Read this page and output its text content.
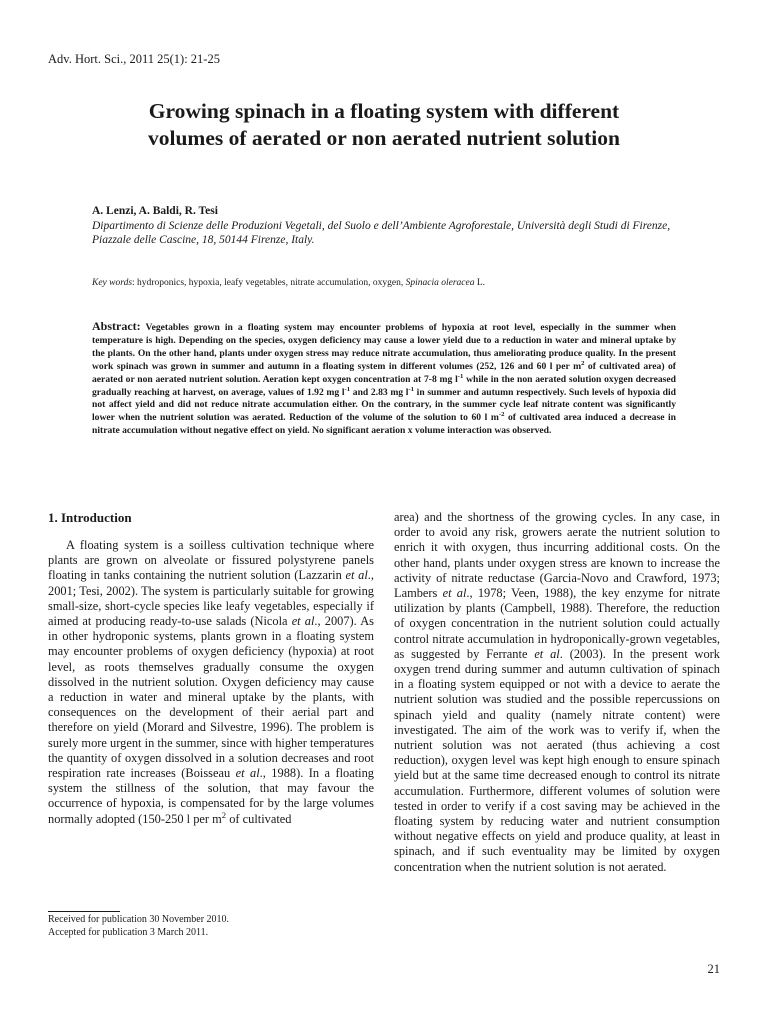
Adv. Hort. Sci., 2011 25(1): 21-25
Growing spinach in a floating system with different
volumes of aerated or non aerated nutrient solution
A. Lenzi, A. Baldi, R. Tesi
Dipartimento di Scienze delle Produzioni Vegetali, del Suolo e dell’Ambiente Agroforestale, Università degli Studi di Firenze, Piazzale delle Cascine, 18, 50144 Firenze, Italy.
Key words: hydroponics, hypoxia, leafy vegetables, nitrate accumulation, oxygen, Spinacia oleracea L.

Abstract: Vegetables grown in a floating system may encounter problems of hypoxia at root level, especially in the summer when temperature is high. Depending on the species, oxygen deficiency may cause a lower yield due to a reduction in water and mineral uptake by the plants. On the other hand, plants under oxygen stress may reduce nitrate accumulation, thus ameliorating produce quality. In the present work spinach was grown in summer and autumn in a floating system in different volumes (252, 126 and 60 l per $m^2$ of cultivated area) of aerated or non aerated nutrient solution. Aeration kept oxygen concentration at 7-8 mg $l^{-1}$ while in the non aerated solution oxygen decreased gradually reaching at harvest, on average, values of 1.92 mg $l^{-1}$ and 2.83 mg $l^{-1}$ in summer and autumn respectively. Such levels of hypoxia did not affect yield and did not reduce nitrate accumulation either. On the contrary, in the summer cycle leaf nitrate content was significantly lower when the nutrient solution was aerated. Reduction of the volume of the solution to 60 l $m^{-2}$ of cultivated area induced a decrease in nitrate accumulation without negative effect on yield. No significant aeration x volume interaction was observed.

1. Introduction

A floating system is a soilless cultivation technique where plants are grown on alveolate or fissured polystyrene panels floating in tanks containing the nutrient solution (Lazzarin et al., 2001; Tesi, 2002). The system is particularly suitable for growing small-size, short-cycle species like leafy vegetables, especially if aimed at producing ready-to-use salads (Nicola et al., 2007). As in other hydroponic systems, plants grown in a floating system may encounter problems of oxygen deficiency (hypoxia) at root level, as roots themselves gradually consume the oxygen dissolved in the nutrient solution. Oxygen deficiency may cause a reduction in water and mineral uptake by the plants, with consequences on the development of their aerial part and therefore on yield (Morard and Silvestre, 1996). The problem is surely more urgent in the summer, since with higher temperatures the quantity of oxygen dissolved in a solution decreases and root respiration rate increases (Boisseau et al., 1988). In a floating system the stillness of the solution, that may favour the occurrence of hypoxia, is compensated for by the large volumes normally adopted (150-250 l per $m^2$ of cultivated

area) and the shortness of the growing cycles. In any case, in order to avoid any risk, growers aerate the nutrient solution to enrich it with oxygen, thus incurring additional costs. On the other hand, plants under oxygen stress are known to increase the activity of nitrate reductase (Garcia-Novo and Crawford, 1973; Lambers et al., 1978; Veen, 1988), the key enzyme for nitrate utilization by plants (Campbell, 1988). Therefore, the reduction of oxygen concentration in the nutrient solution could actually control nitrate accumulation in hydroponically-grown vegetables, as suggested by Ferrante et al. (2003). In the present work oxygen trend during summer and autumn cultivation of spinach in a floating system equipped or not with a device to aerate the nutrient solution was studied and the possible repercussions on spinach yield and quality (namely nitrate content) were investigated. The aim of the work was to verify if, when the nutrient solution was not aerated (thus achieving a cost reduction), oxygen level was kept high enough to ensure spinach yield but at the same time decreased enough to control its nitrate accumulation. Furthermore, different volumes of solution were tested in order to verify if a cost saving may be achieved in the floating system by reducing water and nutrient consumption without negative effects on yield and produce quality, at least in spinach, and if such eventuality may be limited by oxygen concentration when the nutrient solution is not aerated.

Received for publication 30 November 2010.
Accepted for publication 3 March 2011.
21
